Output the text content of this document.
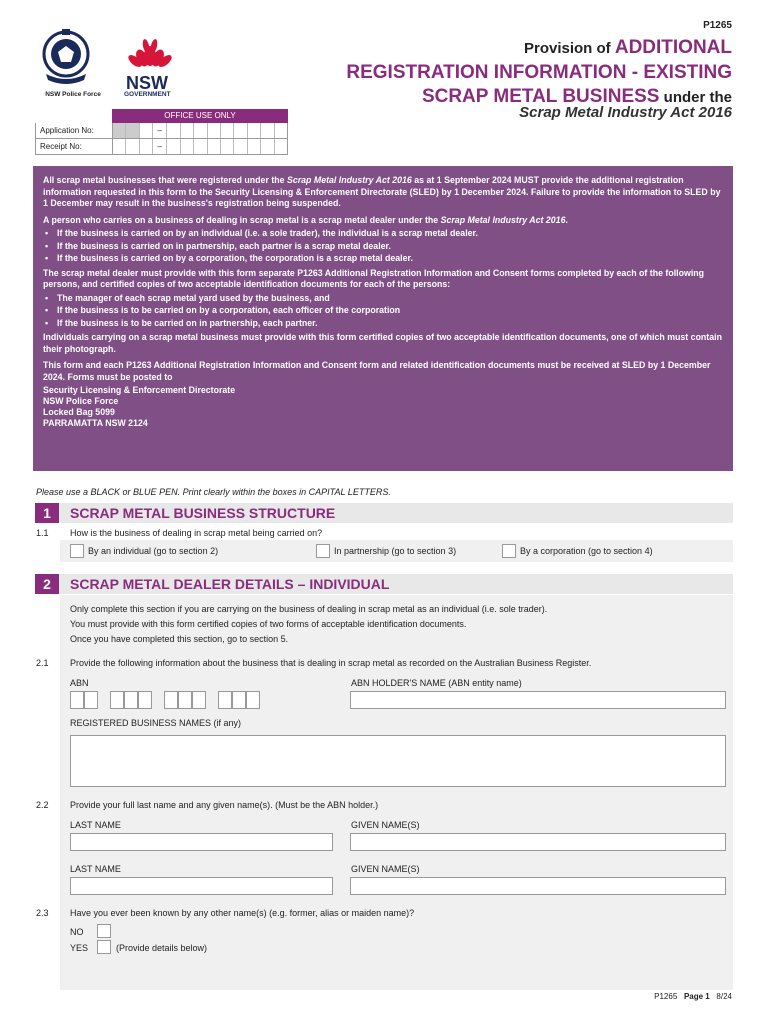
P1265
NSW Police Force
NSW
GOVERNMENT
Provision of ADDITIONAL
REGISTRATION INFORMATION - EXISTING
SCRAP METAL BUSINESS under the
Scrap Metal Industry Act 2016
OFFICE USE ONLY
Application No:	–
Receipt No:	–

All scrap metal businesses that were registered under the Scrap Metal Industry Act 2016 as at 1 September 2024 MUST provide the additional registration information requested in this form to the Security Licensing & Enforcement Directorate (SLED) by 1 December 2024. Failure to provide the information to SLED by 1 December may result in the business's registration being suspended.

A person who carries on a business of dealing in scrap metal is a scrap metal dealer under the Scrap Metal Industry Act 2016.

• If the business is carried on by an individual (i.e. a sole trader), the individual is a scrap metal dealer.
• If the business is carried on in partnership, each partner is a scrap metal dealer.
• If the business is carried on by a corporation, the corporation is a scrap metal dealer.

The scrap metal dealer must provide with this form separate P1263 Additional Registration Information and Consent forms completed by each of the following persons, and certified copies of two acceptable identification documents for each of the persons:

• The manager of each scrap metal yard used by the business, and
• If the business is to be carried on by a corporation, each officer of the corporation
• If the business is to be carried on in partnership, each partner.

Individuals carrying on a scrap metal business must provide with this form certified copies of two acceptable identification documents, one of which must contain their photograph.

This form and each P1263 Additional Registration Information and Consent form and related identification documents must be received at SLED by 1 December 2024. Forms must be posted to

Security Licensing & Enforcement Directorate
NSW Police Force
Locked Bag 5099
PARRAMATTA NSW 2124
Please use a BLACK or BLUE PEN. Print clearly within the boxes in CAPITAL LETTERS.
1	SCRAP METAL BUSINESS STRUCTURE
1.1 How is the business of dealing in scrap metal being carried on?
By an individual (go to section 2)	In partnership (go to section 3)	By a corporation (go to section 4)
2	SCRAP METAL DEALER DETAILS – INDIVIDUAL
Only complete this section if you are carrying on the business of dealing in scrap metal as an individual (i.e. sole trader).
You must provide with this form certified copies of two forms of acceptable identification documents.
Once you have completed this section, go to section 5.
2.1 Provide the following information about the business that is dealing in scrap metal as recorded on the Australian Business Register.
ABN	ABN HOLDER'S NAME (ABN entity name)
REGISTERED BUSINESS NAMES (if any)
2.2 Provide your full last name and any given name(s). (Must be the ABN holder.)
LAST NAME	GIVEN NAME(S)
LAST NAME	GIVEN NAME(S)
2.3 Have you ever been known by any other name(s) (e.g. former, alias or maiden name)?
NO
YES	(Provide details below)
P1265 Page 1 8/24
